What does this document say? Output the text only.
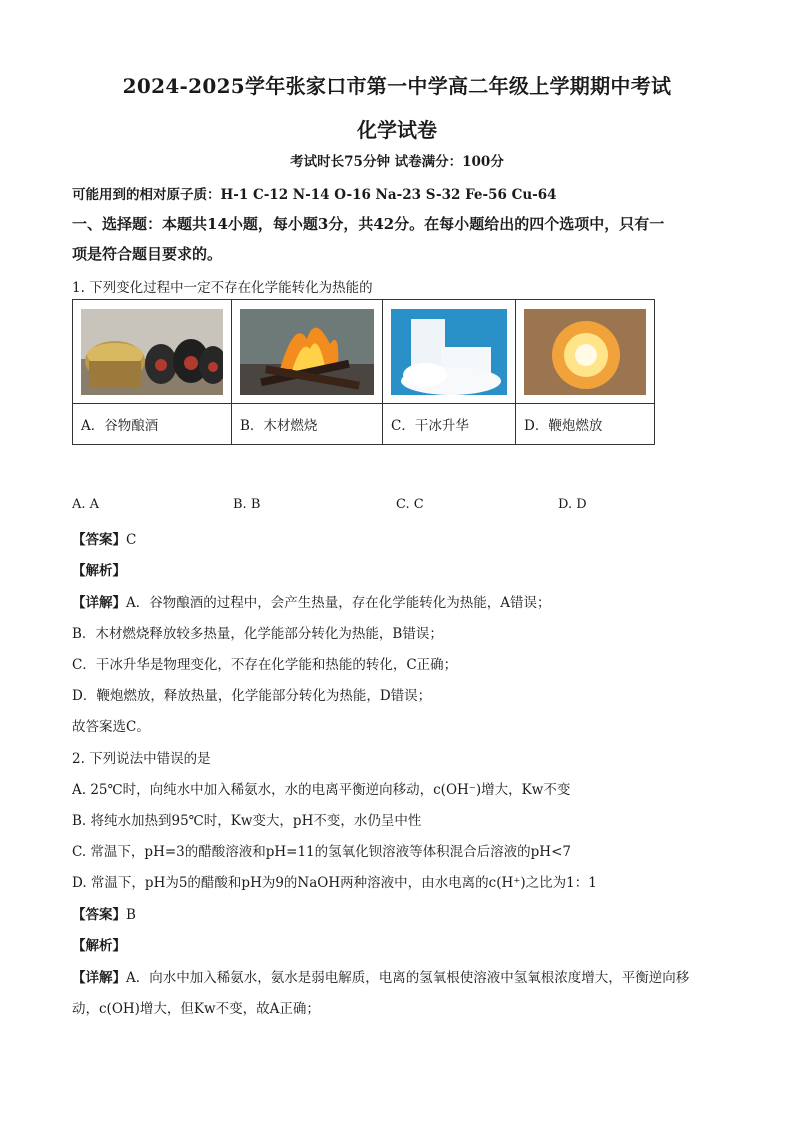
2024-2025学年张家口市第一中学高二年级上学期期中考试
化学试卷
考试时长75分钟 试卷满分：100分
可能用到的相对原子质：H-1 C-12 N-14 O-16 Na-23 S-32 Fe-56 Cu-64
一、选择题：本题共14小题，每小题3分，共42分。在每小题给出的四个选项中，只有一
项是符合题目要求的。
1. 下列变化过程中一定不存在化学能转化为热能的

A．谷物酿酒	B．木材燃烧	C．干冰升华	D．鞭炮燃放
A. A	B. B	C. C	D. D
【答案】C
【解析】
【详解】A．谷物酿酒的过程中，会产生热量，存在化学能转化为热能，A错误；
B．木材燃烧释放较多热量，化学能部分转化为热能，B错误；
C．干冰升华是物理变化，不存在化学能和热能的转化，C正确；
D．鞭炮燃放，释放热量，化学能部分转化为热能，D错误；
故答案选C。
2. 下列说法中错误的是
A. 25℃时，向纯水中加入稀氨水，水的电离平衡逆向移动，c(OH⁻)增大，Kw不变
B. 将纯水加热到95℃时，Kw变大，pH不变，水仍呈中性
C. 常温下，pH=3的醋酸溶液和pH=11的氢氧化钡溶液等体积混合后溶液的pH<7
D. 常温下，pH为5的醋酸和pH为9的NaOH两种溶液中，由水电离的c(H⁺)之比为1：1
【答案】B
【解析】
【详解】A．向水中加入稀氨水，氨水是弱电解质，电离的氢氧根使溶液中氢氧根浓度增大，平衡逆向移
动，c(OH)增大，但Kw不变，故A正确；
